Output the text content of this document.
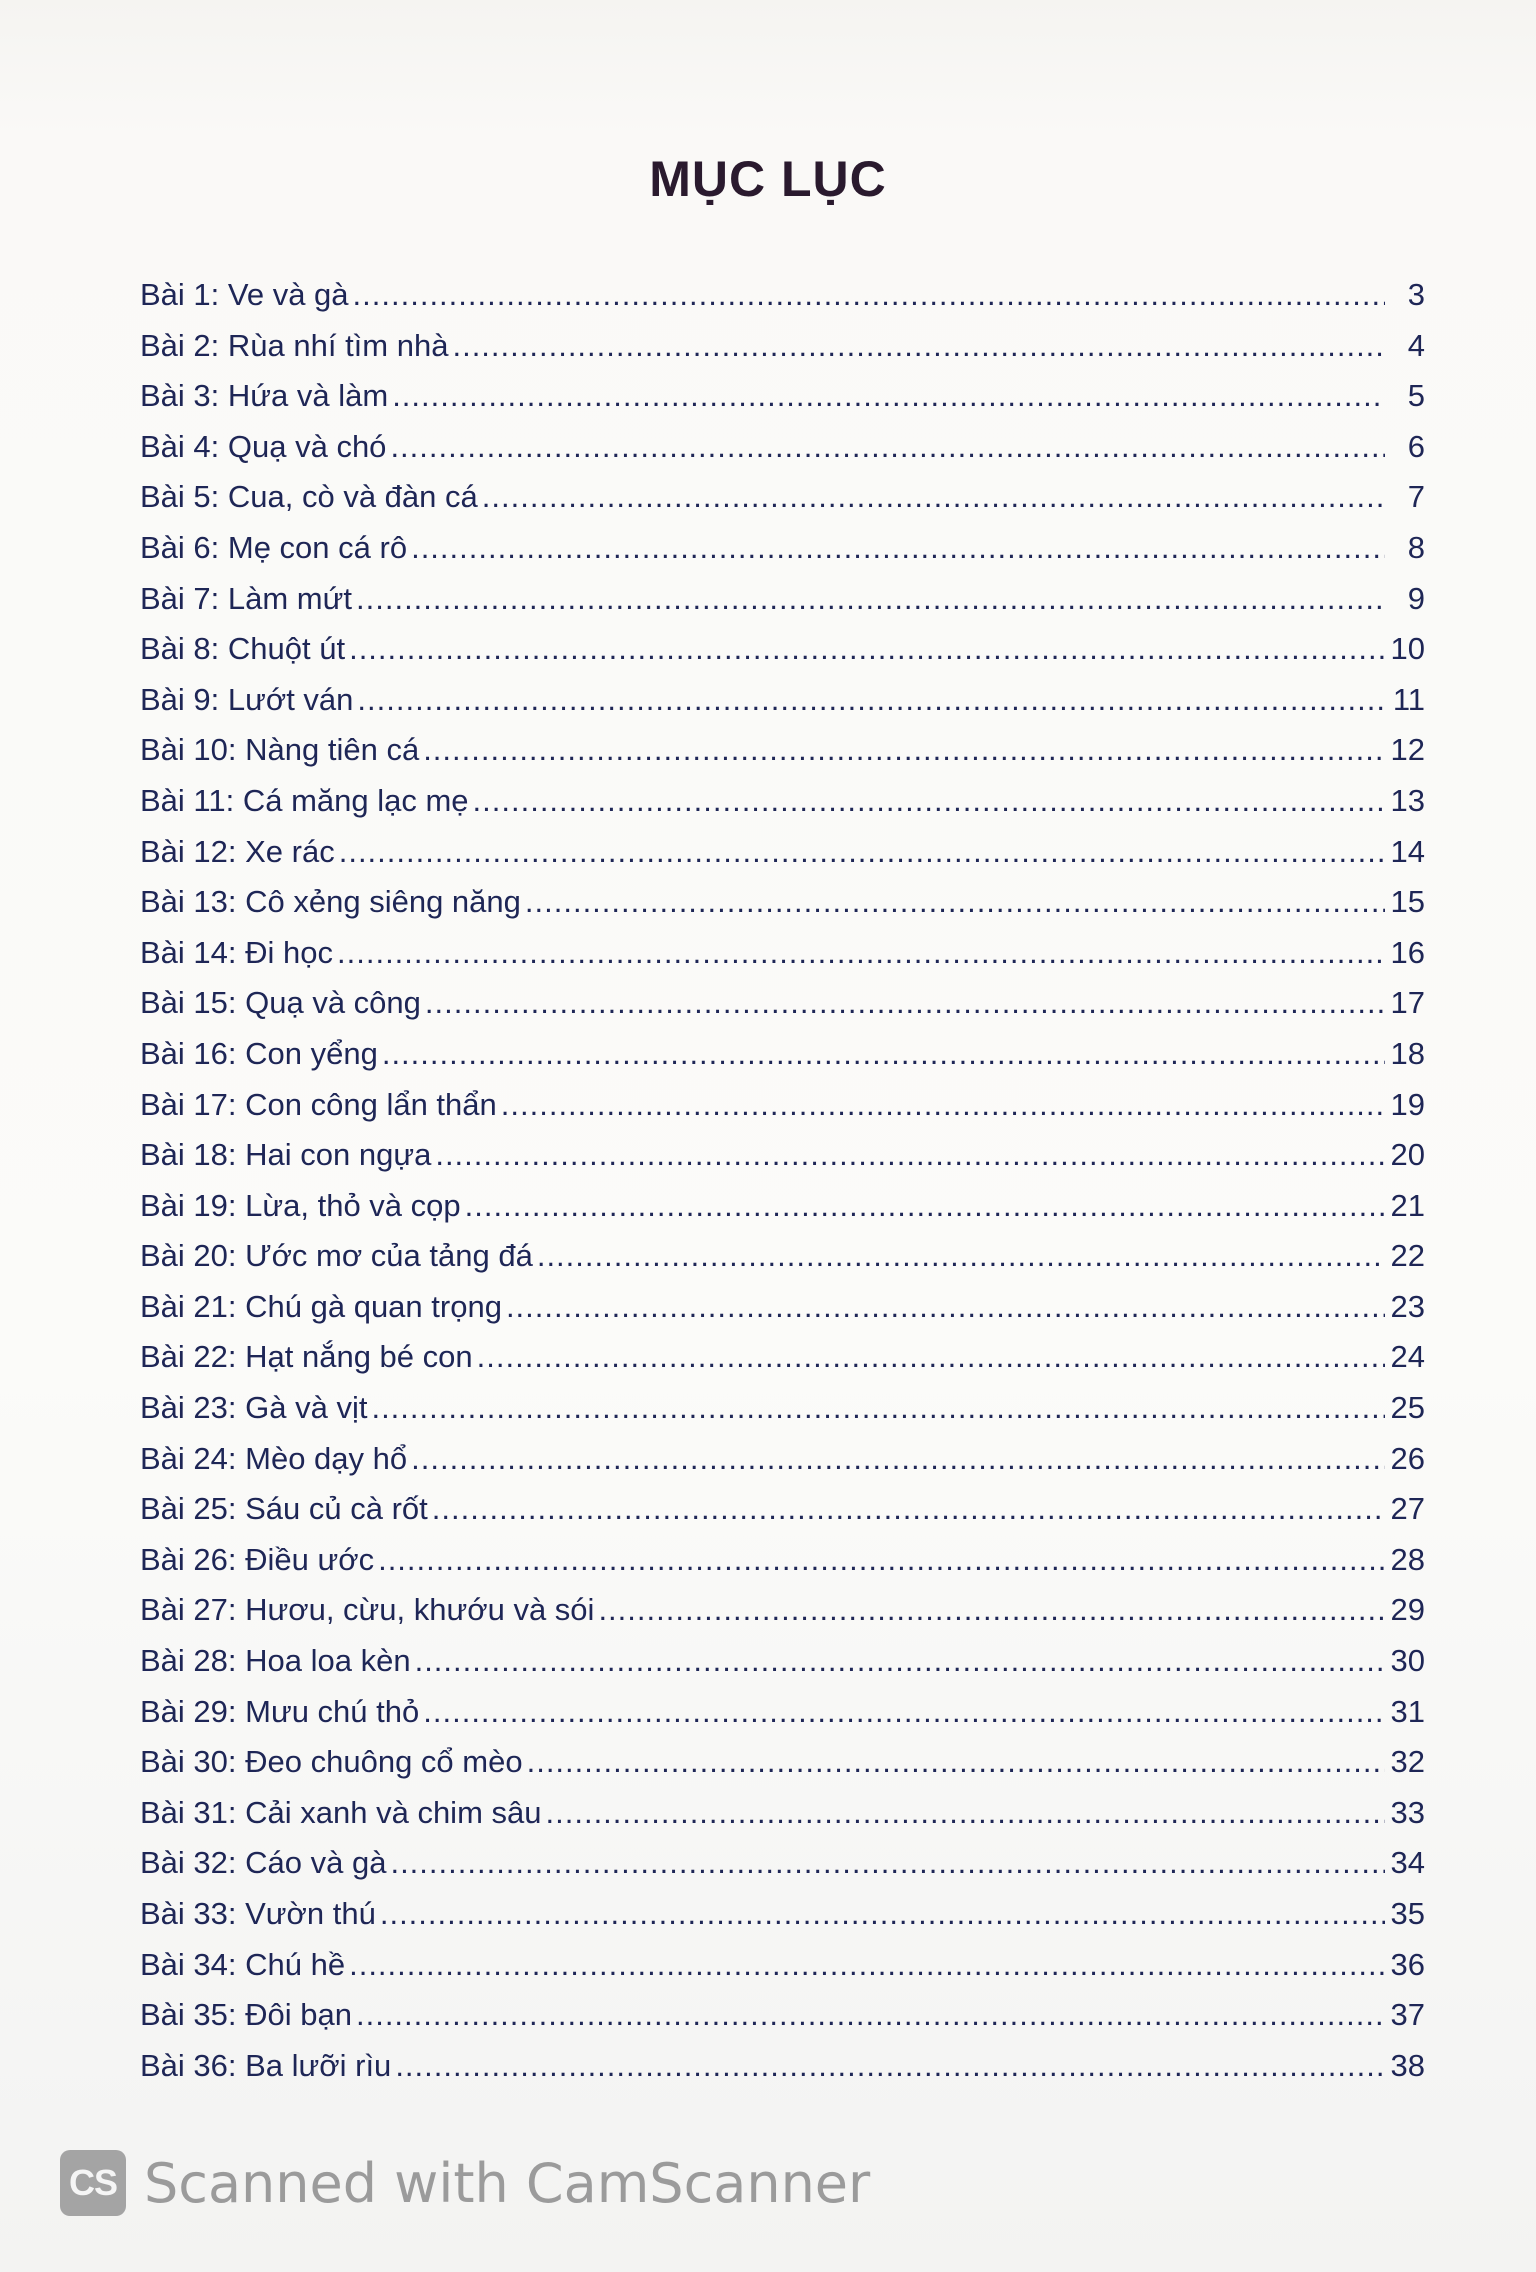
MỤC LỤC
Bài 1: Ve và gà .....	3
Bài 2: Rùa nhí tìm nhà .....	4
Bài 3: Hứa và làm .....	5
Bài 4: Quạ và chó .....	6
Bài 5: Cua, cò và đàn cá .....	7
Bài 6: Mẹ con cá rô .....	8
Bài 7: Làm mứt .....	9
Bài 8: Chuột út .....	10
Bài 9: Lướt ván .....	11
Bài 10: Nàng tiên cá .....	12
Bài 11: Cá măng lạc mẹ .....	13
Bài 12: Xe rác .....	14
Bài 13: Cô xẻng siêng năng .....	15
Bài 14: Đi học .....	16
Bài 15: Quạ và công .....	17
Bài 16: Con yểng .....	18
Bài 17: Con công lẩn thẩn .....	19
Bài 18: Hai con ngựa .....	20
Bài 19: Lừa, thỏ và cọp .....	21
Bài 20: Ước mơ của tảng đá .....	22
Bài 21: Chú gà quan trọng .....	23
Bài 22: Hạt nắng bé con .....	24
Bài 23: Gà và vịt .....	25
Bài 24: Mèo dạy hổ .....	26
Bài 25: Sáu củ cà rốt .....	27
Bài 26: Điều ước .....	28
Bài 27: Hươu, cừu, khướu và sói .....	29
Bài 28: Hoa loa kèn .....	30
Bài 29: Mưu chú thỏ .....	31
Bài 30: Đeo chuông cổ mèo .....	32
Bài 31: Cải xanh và chim sâu .....	33
Bài 32: Cáo và gà .....	34
Bài 33: Vườn thú .....	35
Bài 34: Chú hề .....	36
Bài 35: Đôi bạn .....	37
Bài 36: Ba lưỡi rìu .....	38
CS Scanned with CamScanner
